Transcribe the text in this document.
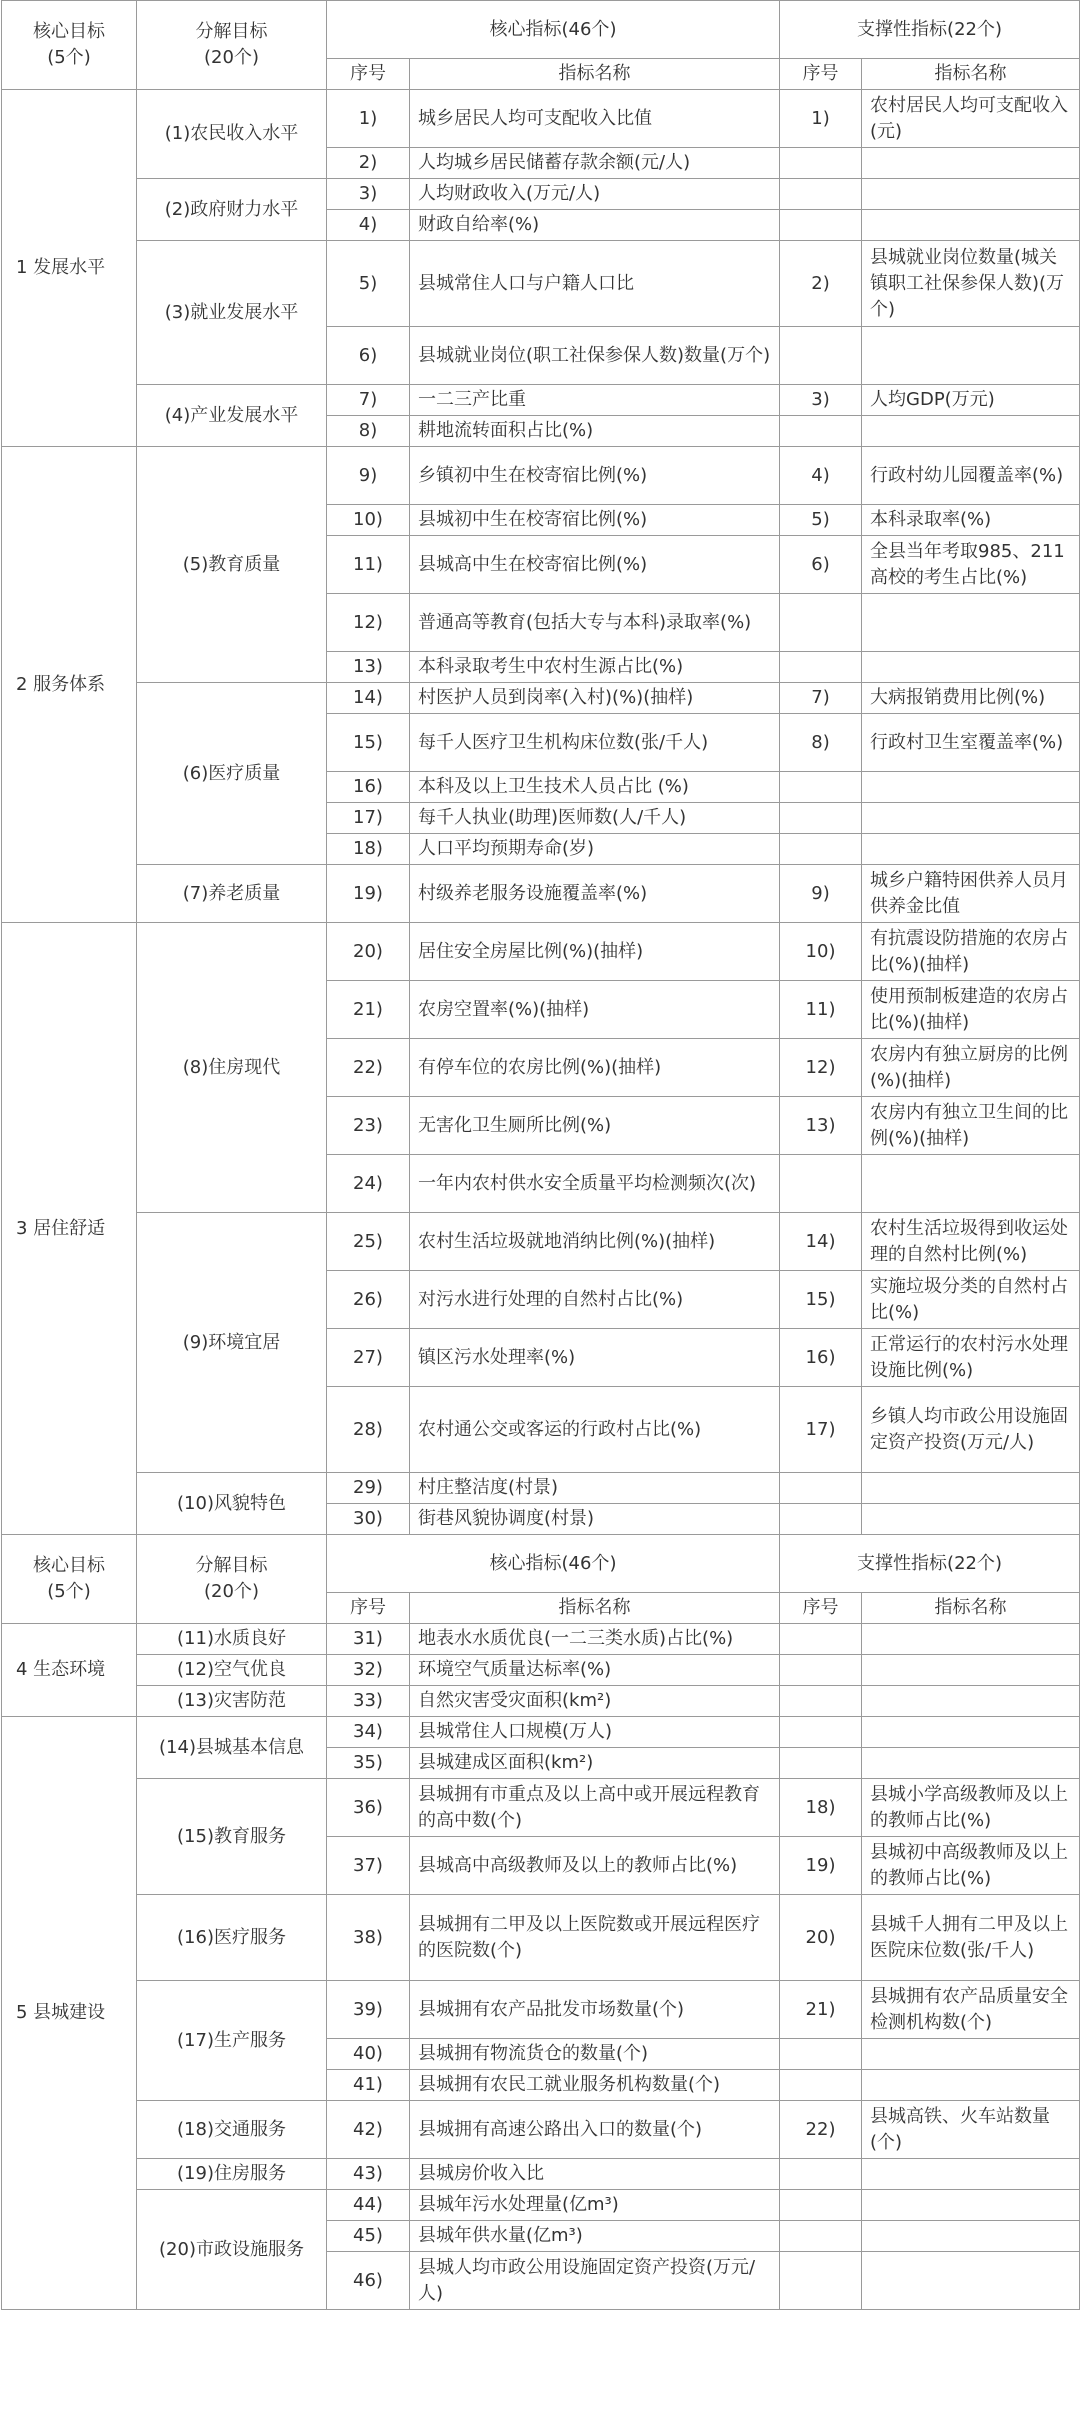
核心目标
(5个)	分解目标
(20个)	核心指标(46个)		支撑性指标(22个)	
		序号	指标名称	序号	指标名称
1 发展水平	(1)农民收入水平	1)	城乡居民人均可支配收入比值	1)	农村居民人均可支配收入(元)
		2)	人均城乡居民储蓄存款余额(元/人)		
	(2)政府财力水平	3)	人均财政收入(万元/人)		
		4)	财政自给率(%)		
	(3)就业发展水平	5)	县城常住人口与户籍人口比	2)	县城就业岗位数量(城关镇职工社保参保人数)(万个)
		6)	县城就业岗位(职工社保参保人数)数量(万个)		
	(4)产业发展水平	7)	一二三产比重	3)	人均GDP(万元)
		8)	耕地流转面积占比(%)		
2 服务体系	(5)教育质量	9)	乡镇初中生在校寄宿比例(%)	4)	行政村幼儿园覆盖率(%)
		10)	县城初中生在校寄宿比例(%)	5)	本科录取率(%)
		11)	县城高中生在校寄宿比例(%)	6)	全县当年考取985、211高校的考生占比(%)
		12)	普通高等教育(包括大专与本科)录取率(%)		
		13)	本科录取考生中农村生源占比(%)		
	(6)医疗质量	14)	村医护人员到岗率(入村)(%)(抽样)	7)	大病报销费用比例(%)
		15)	每千人医疗卫生机构床位数(张/千人)	8)	行政村卫生室覆盖率(%)
		16)	本科及以上卫生技术人员占比 (%)		
		17)	每千人执业(助理)医师数(人/千人)		
		18)	人口平均预期寿命(岁)		
	(7)养老质量	19)	村级养老服务设施覆盖率(%)	9)	城乡户籍特困供养人员月供养金比值
3 居住舒适	(8)住房现代	20)	居住安全房屋比例(%)(抽样)	10)	有抗震设防措施的农房占比(%)(抽样)
		21)	农房空置率(%)(抽样)	11)	使用预制板建造的农房占比(%)(抽样)
		22)	有停车位的农房比例(%)(抽样)	12)	农房内有独立厨房的比例(%)(抽样)
		23)	无害化卫生厕所比例(%)	13)	农房内有独立卫生间的比例(%)(抽样)
		24)	一年内农村供水安全质量平均检测频次(次)		
	(9)环境宜居	25)	农村生活垃圾就地消纳比例(%)(抽样)	14)	农村生活垃圾得到收运处理的自然村比例(%)
		26)	对污水进行处理的自然村占比(%)	15)	实施垃圾分类的自然村占比(%)
		27)	镇区污水处理率(%)	16)	正常运行的农村污水处理设施比例(%)
		28)	农村通公交或客运的行政村占比(%)	17)	乡镇人均市政公用设施固定资产投资(万元/人)
	(10)风貌特色	29)	村庄整洁度(村景)		
		30)	街巷风貌协调度(村景)		
核心目标
(5个)	分解目标
(20个)	核心指标(46个)		支撑性指标(22个)	
		序号	指标名称	序号	指标名称
4 生态环境	(11)水质良好	31)	地表水水质优良(一二三类水质)占比(%)		
	(12)空气优良	32)	环境空气质量达标率(%)		
	(13)灾害防范	33)	自然灾害受灾面积(km²)		
5 县城建设	(14)县城基本信息	34)	县城常住人口规模(万人)		
		35)	县城建成区面积(km²)		
	(15)教育服务	36)	县城拥有市重点及以上高中或开展远程教育的高中数(个)	18)	县城小学高级教师及以上的教师占比(%)
		37)	县城高中高级教师及以上的教师占比(%)	19)	县城初中高级教师及以上的教师占比(%)
	(16)医疗服务	38)	县城拥有二甲及以上医院数或开展远程医疗的医院数(个)	20)	县城千人拥有二甲及以上医院床位数(张/千人)
	(17)生产服务	39)	县城拥有农产品批发市场数量(个)	21)	县城拥有农产品质量安全检测机构数(个)
		40)	县城拥有物流货仓的数量(个)		
		41)	县城拥有农民工就业服务机构数量(个)		
	(18)交通服务	42)	县城拥有高速公路出入口的数量(个)	22)	县城高铁、火车站数量(个)
	(19)住房服务	43)	县城房价收入比		
	(20)市政设施服务	44)	县城年污水处理量(亿m³)		
		45)	县城年供水量(亿m³)		
		46)	县城人均市政公用设施固定资产投资(万元/人)		
